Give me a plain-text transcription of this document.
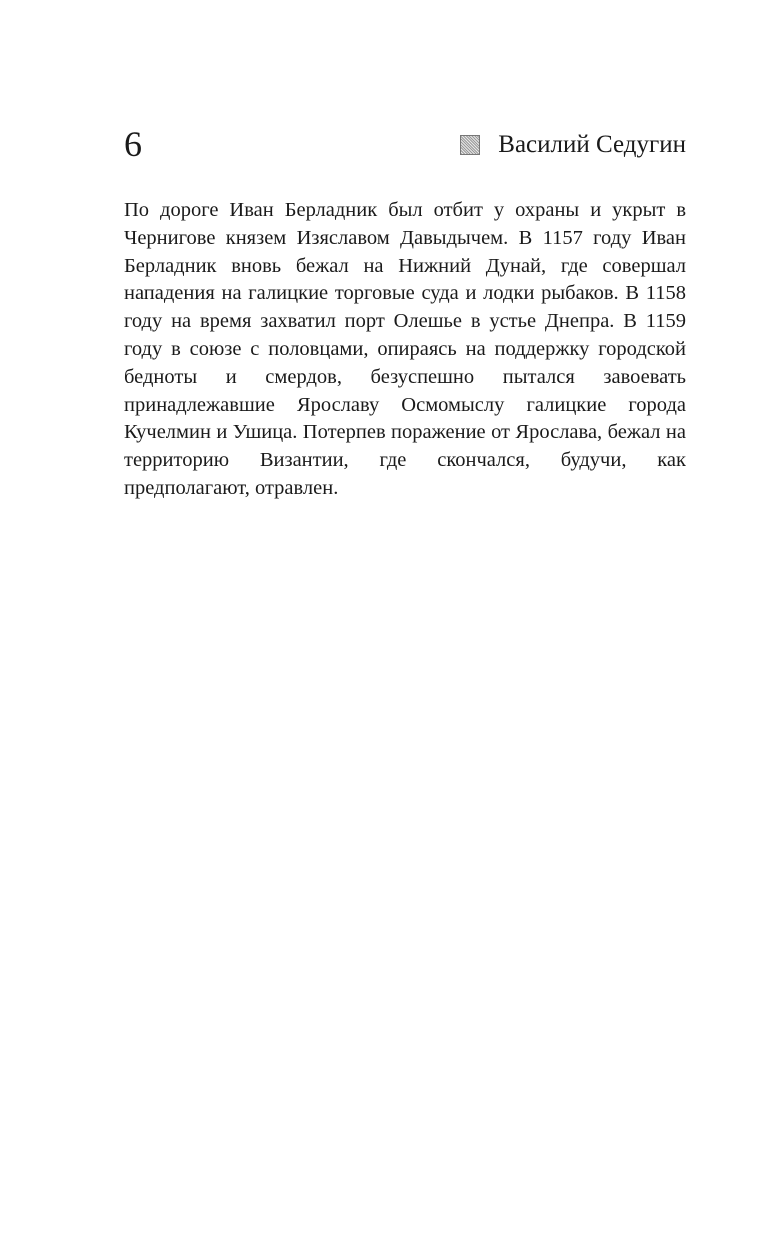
6	Василий Седугин

По дороге Иван Берладник был отбит у охраны и укрыт в Чернигове князем Изяславом Давыдычем. В 1157 году Иван Берладник вновь бежал на Нижний Дунай, где совершал нападения на галицкие торговые суда и лодки рыбаков. В 1158 году на время захватил порт Олешье в устье Днепра. В 1159 году в союзе с половцами, опираясь на поддержку городской бедноты и смердов, безуспешно пытался завоевать принадлежавшие Ярославу Осмомыслу галицкие города Кучелмин и Ушица. Потерпев поражение от Ярослава, бежал на территорию Византии, где скончался, будучи, как предполагают, отравлен.
